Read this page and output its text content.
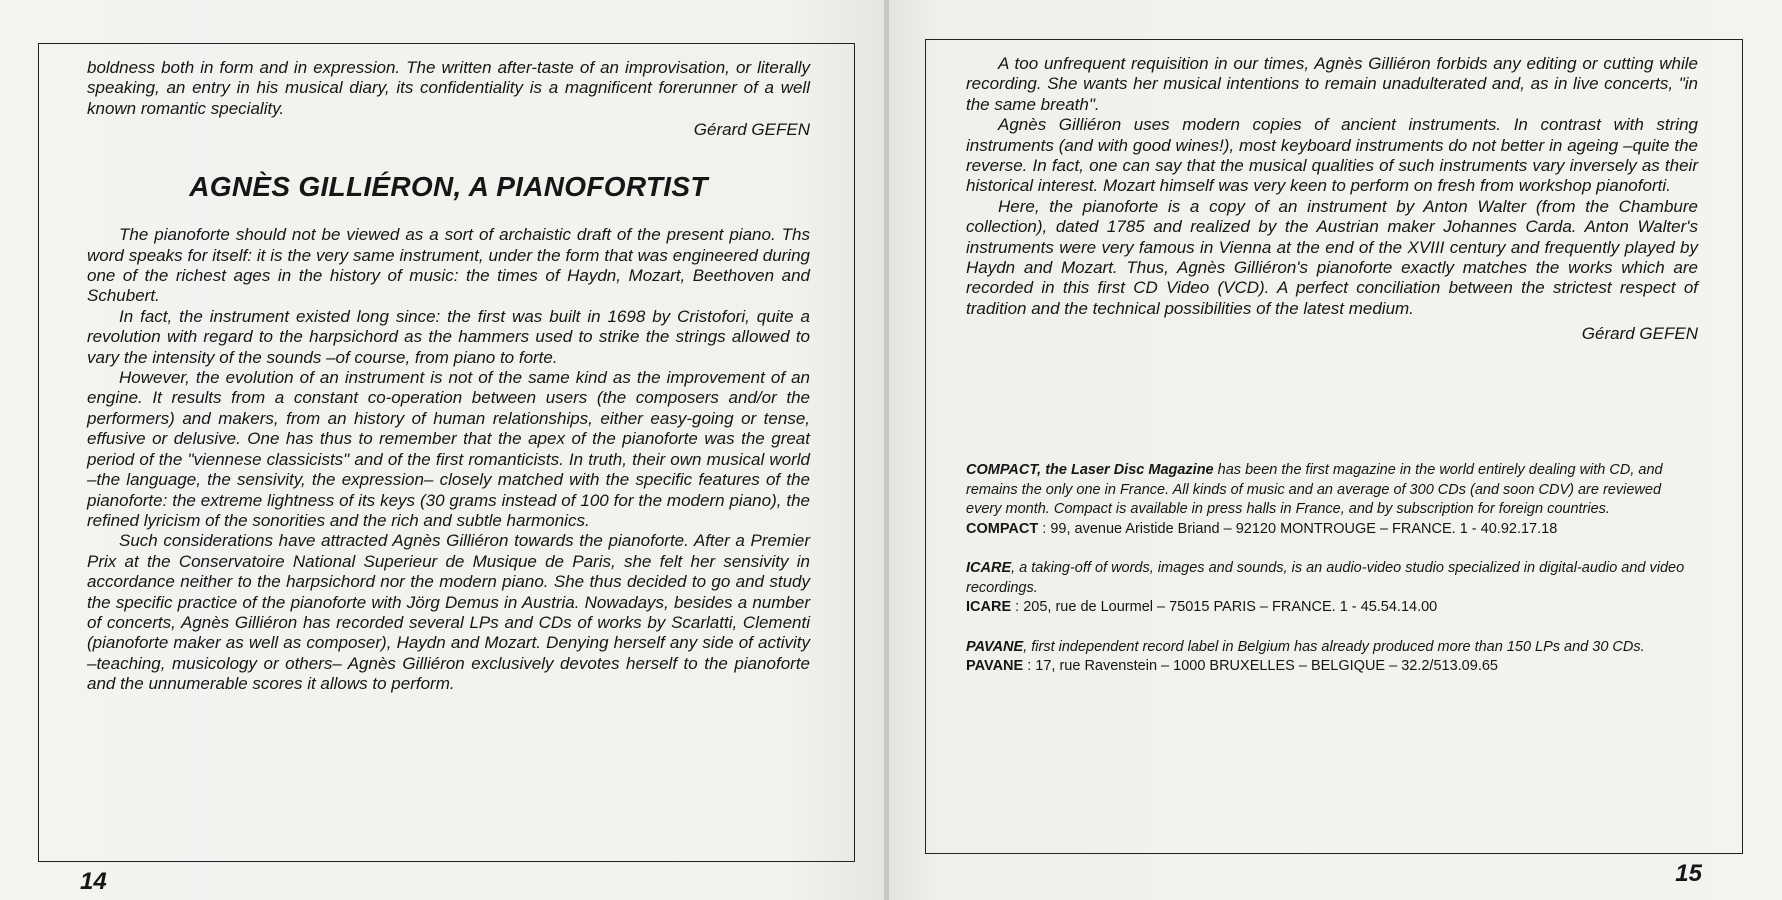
boldness both in form and in expression. The written after-taste of an improvisation, or literally speaking, an entry in his musical diary, its confidentiality is a magnificent forerunner of a well known romantic speciality.

Gérard GEFEN

AGNÈS GILLIÉRON, A PIANOFORTIST

The pianoforte should not be viewed as a sort of archaistic draft of the present piano. Ths word speaks for itself: it is the very same instrument, under the form that was engineered during one of the richest ages in the history of music: the times of Haydn, Mozart, Beethoven and Schubert.

In fact, the instrument existed long since: the first was built in 1698 by Cristofori, quite a revolution with regard to the harpsichord as the hammers used to strike the strings allowed to vary the intensity of the sounds –of course, from piano to forte.

However, the evolution of an instrument is not of the same kind as the improvement of an engine. It results from a constant co-operation between users (the composers and/or the performers) and makers, from an history of human relationships, either easy-going or tense, effusive or delusive. One has thus to remember that the apex of the pianoforte was the great period of the "viennese classicists" and of the first romanticists. In truth, their own musical world –the language, the sensivity, the expression– closely matched with the specific features of the pianoforte: the extreme lightness of its keys (30 grams instead of 100 for the modern piano), the refined lyricism of the sonorities and the rich and subtle harmonics.

Such considerations have attracted Agnès Gilliéron towards the pianoforte. After a Premier Prix at the Conservatoire National Superieur de Musique de Paris, she felt her sensivity in accordance neither to the harpsichord nor the modern piano. She thus decided to go and study the specific practice of the pianoforte with Jörg Demus in Austria. Nowadays, besides a number of concerts, Agnès Gilliéron has recorded several LPs and CDs of works by Scarlatti, Clementi (pianoforte maker as well as composer), Haydn and Mozart. Denying herself any side of activity –teaching, musicology or others– Agnès Gilliéron exclusively devotes herself to the pianoforte and the unnumerable scores it allows to perform.

14

A too unfrequent requisition in our times, Agnès Gilliéron forbids any editing or cutting while recording. She wants her musical intentions to remain unadulterated and, as in live concerts, "in the same breath".

Agnès Gilliéron uses modern copies of ancient instruments. In contrast with string instruments (and with good wines!), most keyboard instruments do not better in ageing –quite the reverse. In fact, one can say that the musical qualities of such instruments vary inversely as their historical interest. Mozart himself was very keen to perform on fresh from workshop pianoforti.

Here, the pianoforte is a copy of an instrument by Anton Walter (from the Chambure collection), dated 1785 and realized by the Austrian maker Johannes Carda. Anton Walter's instruments were very famous in Vienna at the end of the XVIII century and frequently played by Haydn and Mozart. Thus, Agnès Gilliéron's pianoforte exactly matches the works which are recorded in this first CD Video (VCD). A perfect conciliation between the strictest respect of tradition and the technical possibilities of the latest medium.

Gérard GEFEN

COMPACT, the Laser Disc Magazine has been the first magazine in the world entirely dealing with CD, and remains the only one in France. All kinds of music and an average of 300 CDs (and soon CDV) are reviewed every month. Compact is available in press halls in France, and by subscription for foreign countries.
COMPACT : 99, avenue Aristide Briand – 92120 MONTROUGE – FRANCE. 1 - 40.92.17.18
ICARE, a taking-off of words, images and sounds, is an audio-video studio specialized in digital-audio and video recordings.
ICARE : 205, rue de Lourmel – 75015 PARIS – FRANCE. 1 - 45.54.14.00
PAVANE, first independent record label in Belgium has already produced more than 150 LPs and 30 CDs.
PAVANE : 17, rue Ravenstein – 1000 BRUXELLES – BELGIQUE – 32.2/513.09.65
15
